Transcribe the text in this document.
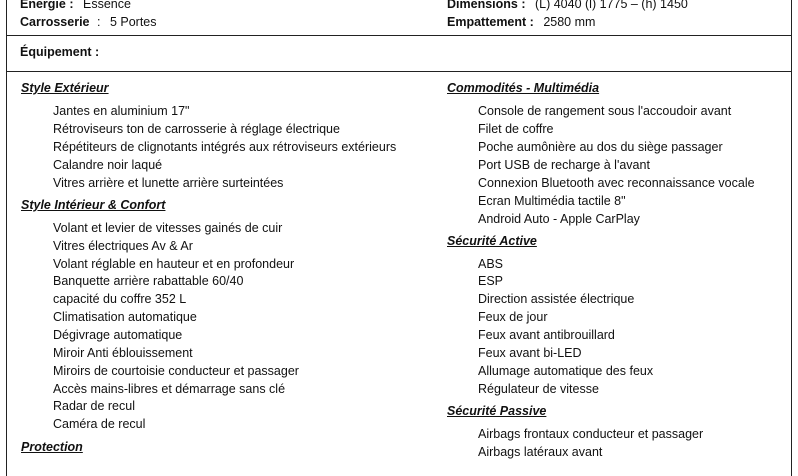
Energie : Essence
Carrosserie : 5 Portes
Dimensions : (L) 4040 (l) 1775 – (h) 1450
Empattement : 2580 mm
Équipement :
Style Extérieur
Jantes en aluminium 17"
Rétroviseurs ton de carrosserie à réglage électrique
Répétiteurs de clignotants intégrés aux rétroviseurs extérieurs
Calandre noir laqué
Vitres arrière et lunette arrière surteintées
Style Intérieur & Confort
Volant et levier de vitesses gainés de cuir
Vitres électriques Av & Ar
Volant réglable en hauteur et en profondeur
Banquette arrière rabattable 60/40
capacité du coffre 352 L
Climatisation automatique
Dégivrage automatique
Miroir Anti éblouissement
Miroirs de courtoisie conducteur et passager
Accès mains-libres et démarrage sans clé
Radar de recul
Caméra de recul
Protection
Commodités - Multimédia
Console de rangement sous l'accoudoir avant
Filet de coffre
Poche aumônière au dos du siège passager
Port USB de recharge à l'avant
Connexion Bluetooth avec reconnaissance vocale
Ecran Multimédia tactile 8"
Android Auto - Apple CarPlay
Sécurité Active
ABS
ESP
Direction assistée électrique
Feux de jour
Feux avant antibrouillard
Feux avant bi-LED
Allumage automatique des feux
Régulateur de vitesse
Sécurité Passive
Airbags frontaux conducteur et passager
Airbags latéraux avant
